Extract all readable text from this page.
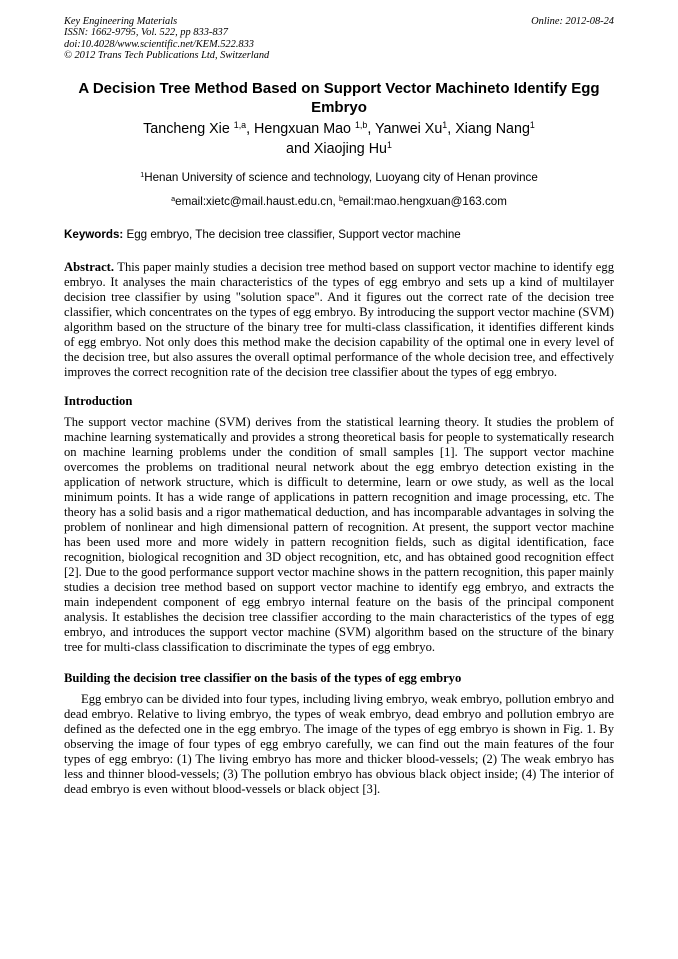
Key Engineering Materials
ISSN: 1662-9795, Vol. 522, pp 833-837
doi:10.4028/www.scientific.net/KEM.522.833
© 2012 Trans Tech Publications Ltd, Switzerland
Online: 2012-08-24
A Decision Tree Method Based on Support Vector Machineto Identify Egg Embryo
Tancheng Xie $^{1,a}$, Hengxuan Mao $^{1,b}$, Yanwei Xu$^1$, Xiang Nang$^1$
and Xiaojing Hu$^1$
$^1$Henan University of science and technology, Luoyang city of Henan province
$^a$email:xietc@mail.haust.edu.cn, $^b$email:mao.hengxuan@163.com
Keywords: Egg embryo, The decision tree classifier, Support vector machine
Abstract. This paper mainly studies a decision tree method based on support vector machine to identify egg embryo. It analyses the main characteristics of the types of egg embryo and sets up a kind of multilayer decision tree classifier by using "solution space". And it figures out the correct rate of the decision tree classifier, which concentrates on the types of egg embryo. By introducing the support vector machine (SVM) algorithm based on the structure of the binary tree for multi-class classification, it identifies different kinds of egg embryo. Not only does this method make the decision capability of the optimal one in every level of the decision tree, but also assures the overall optimal performance of the whole decision tree, and effectively improves the correct recognition rate of the decision tree classifier about the types of egg embryo.
Introduction
The support vector machine (SVM) derives from the statistical learning theory. It studies the problem of machine learning systematically and provides a strong theoretical basis for people to systematically research on machine learning problems under the condition of small samples [1]. The support vector machine overcomes the problems on traditional neural network about the egg embryo detection existing in the application of network structure, which is difficult to determine, learn or owe study, as well as the local minimum points. It has a wide range of applications in pattern recognition and image processing, etc. The theory has a solid basis and a rigor mathematical deduction, and has incomparable advantages in solving the problem of nonlinear and high dimensional pattern of recognition. At present, the support vector machine has been used more and more widely in pattern recognition fields, such as digital identification, face recognition, biological recognition and 3D object recognition, etc, and has obtained good recognition effect [2]. Due to the good performance support vector machine shows in the pattern recognition, this paper mainly studies a decision tree method based on support vector machine to identify egg embryo, and extracts the main independent component of egg embryo internal feature on the basis of the principal component analysis. It establishes the decision tree classifier according to the main characteristics of the types of egg embryo, and introduces the support vector machine (SVM) algorithm based on the structure of the binary tree for multi-class classification to discriminate the types of egg embryo.
Building the decision tree classifier on the basis of the types of egg embryo
Egg embryo can be divided into four types, including living embryo, weak embryo, pollution embryo and dead embryo. Relative to living embryo, the types of weak embryo, dead embryo and pollution embryo are defined as the defected one in the egg embryo. The image of the types of egg embryo is shown in Fig. 1. By observing the image of four types of egg embryo carefully, we can find out the main features of the four types of egg embryo: (1) The living embryo has more and thicker blood-vessels; (2) The weak embryo has less and thinner blood-vessels; (3) The pollution embryo has obvious black object inside; (4) The interior of dead embryo is even without blood-vessels or black object [3].
